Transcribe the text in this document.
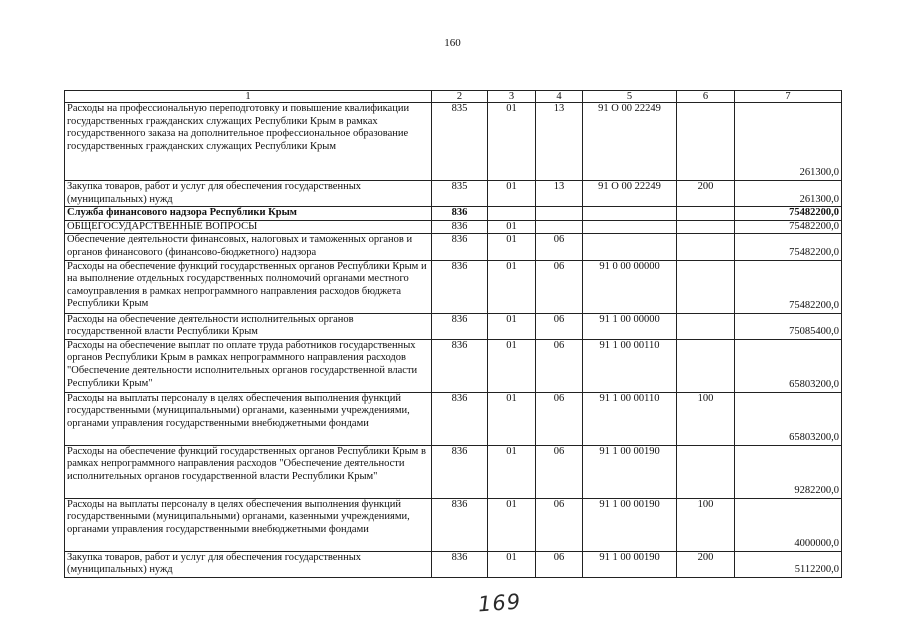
160
1	2	3	4	5	6	7
Расходы на профессиональную переподготовку и повышение квалификации государственных гражданских служащих Республики Крым в рамках государственного заказа на дополнительное профессиональное образование государственных гражданских служащих Республики Крым	835	01	13	91 О 00 22249		261300,0
Закупка товаров, работ и услуг для обеспечения государственных (муниципальных) нужд	835	01	13	91 О 00 22249	200	261300,0
Служба финансового надзора Республики Крым	836					75482200,0
ОБЩЕГОСУДАРСТВЕННЫЕ ВОПРОСЫ	836	01				75482200,0
Обеспечение деятельности финансовых, налоговых и таможенных органов и органов финансового (финансово-бюджетного) надзора	836	01	06			75482200,0
Расходы на обеспечение функций государственных органов Республики Крым и на выполнение отдельных государственных полномочий органами местного самоуправления в рамках непрограммного направления расходов бюджета Республики Крым	836	01	06	91 0 00 00000		75482200,0
Расходы на обеспечение деятельности исполнительных органов государственной власти Республики Крым	836	01	06	91 1 00 00000		75085400,0
Расходы на обеспечение выплат по оплате труда работников государственных органов Республики Крым в рамках непрограммного направления расходов "Обеспечение деятельности исполнительных органов государственной власти Республики Крым"	836	01	06	91 1 00 00110		65803200,0
Расходы на выплаты персоналу в целях обеспечения выполнения функций государственными (муниципальными) органами, казенными учреждениями, органами управления государственными внебюджетными фондами	836	01	06	91 1 00 00110	100	65803200,0
Расходы на обеспечение функций государственных органов Республики Крым в рамках непрограммного направления расходов "Обеспечение деятельности исполнительных органов государственной власти Республики Крым"	836	01	06	91 1 00 00190		9282200,0
Расходы на выплаты персоналу в целях обеспечения выполнения функций государственными (муниципальными) органами, казенными учреждениями, органами управления государственными внебюджетными фондами	836	01	06	91 1 00 00190	100	4000000,0
Закупка товаров, работ и услуг для обеспечения государственных (муниципальных) нужд	836	01	06	91 1 00 00190	200	5112200,0
169
